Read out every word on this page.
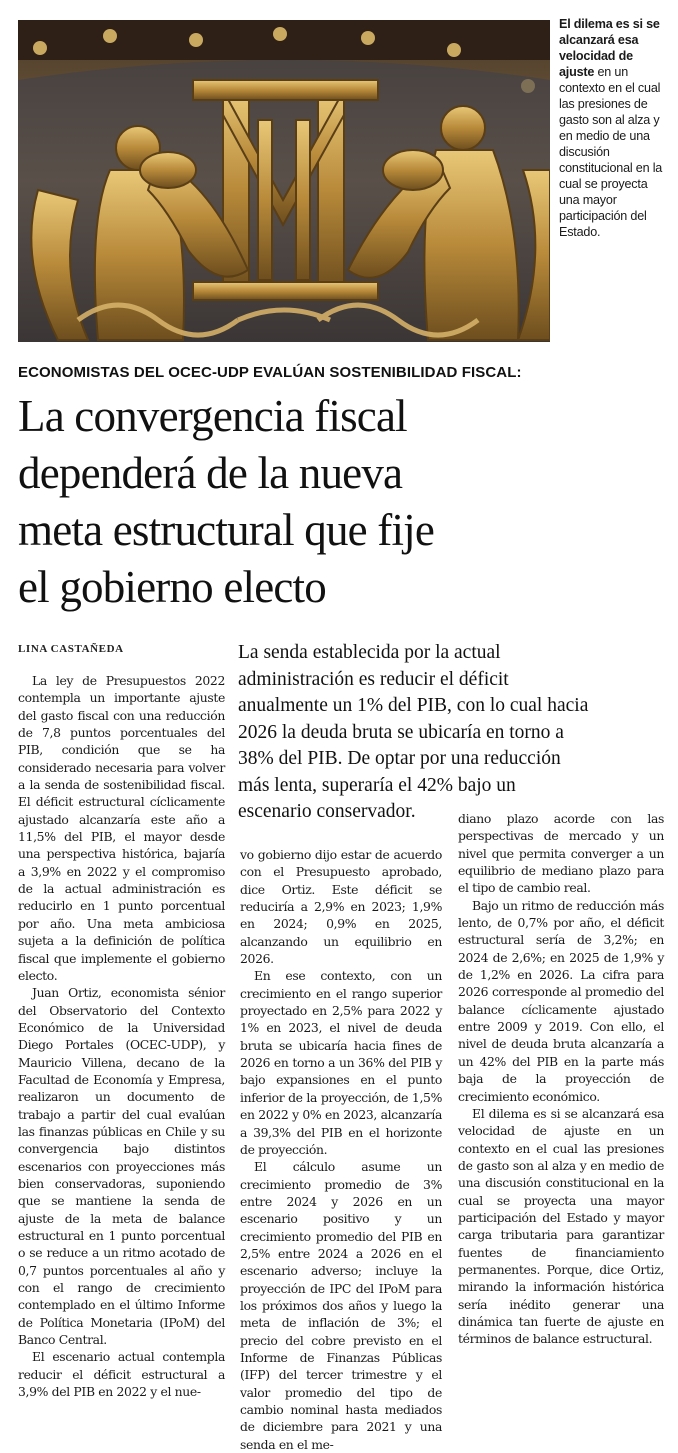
El dilema es si se alcanzará esa velocidad de ajuste en un contexto en el cual las presiones de gasto son al alza y en medio de una discusión constitucional en la cual se proyecta una mayor participación del Estado.
ECONOMISTAS DEL OCEC-UDP EVALÚAN SOSTENIBILIDAD FISCAL:
La convergencia fiscal
dependerá de la nueva
meta estructural que fije
el gobierno electo
LINA CASTAÑEDA	La senda establecida por la actual
administración es reducir el déficit
anualmente un 1% del PIB, con lo cual hacia
2026 la deuda bruta se ubicaría en torno a
38% del PIB. De optar por una reducción
más lenta, superaría el 42% bajo un
escenario conservador.

La ley de Presupuestos 2022 contempla un importante ajuste del gasto fiscal con una reducción de 7,8 puntos porcentuales del PIB, condición que se ha considerado necesaria para volver a la senda de sostenibilidad fiscal. El déficit estructural cíclicamente ajustado alcanzaría este año a 11,5% del PIB, el mayor desde una perspectiva histórica, bajaría a 3,9% en 2022 y el compromiso de la actual administración es reducirlo en 1 punto porcentual por año. Una meta ambiciosa sujeta a la definición de política fiscal que implemente el gobierno electo.

Juan Ortiz, economista sénior del Observatorio del Contexto Económico de la Universidad Diego Portales (OCEC-UDP), y Mauricio Villena, decano de la Facultad de Economía y Empresa, realizaron un documento de trabajo a partir del cual evalúan las finanzas públicas en Chile y su convergencia bajo distintos escenarios con proyecciones más bien conservadoras, suponiendo que se mantiene la senda de ajuste de la meta de balance estructural en 1 punto porcentual o se reduce a un ritmo acotado de 0,7 puntos porcentuales al año y con el rango de crecimiento contemplado en el último Informe de Política Monetaria (IPoM) del Banco Central.

El escenario actual contempla reducir el déficit estructural a 3,9% del PIB en 2022 y el nue-

vo gobierno dijo estar de acuerdo con el Presupuesto aprobado, dice Ortiz. Este déficit se reduciría a 2,9% en 2023; 1,9% en 2024; 0,9% en 2025, alcanzando un equilibrio en 2026.

En ese contexto, con un crecimiento en el rango superior proyectado en 2,5% para 2022 y 1% en 2023, el nivel de deuda bruta se ubicaría hacia fines de 2026 en torno a un 36% del PIB y bajo expansiones en el punto inferior de la proyección, de 1,5% en 2022 y 0% en 2023, alcanzaría a 39,3% del PIB en el horizonte de proyección.

El cálculo asume un crecimiento promedio de 3% entre 2024 y 2026 en un escenario positivo y un crecimiento promedio del PIB en 2,5% entre 2024 a 2026 en el escenario adverso; incluye la proyección de IPC del IPoM para los próximos dos años y luego la meta de inflación de 3%; el precio del cobre previsto en el Informe de Finanzas Públicas (IFP) del tercer trimestre y el valor promedio del tipo de cambio nominal hasta mediados de diciembre para 2021 y una senda en el me-

diano plazo acorde con las perspectivas de mercado y un nivel que permita converger a un equilibrio de mediano plazo para el tipo de cambio real.

Bajo un ritmo de reducción más lento, de 0,7% por año, el déficit estructural sería de 3,2%; en 2024 de 2,6%; en 2025 de 1,9% y de 1,2% en 2026. La cifra para 2026 corresponde al promedio del balance cíclicamente ajustado entre 2009 y 2019. Con ello, el nivel de deuda bruta alcanzaría a un 42% del PIB en la parte más baja de la proyección de crecimiento económico.

El dilema es si se alcanzará esa velocidad de ajuste en un contexto en el cual las presiones de gasto son al alza y en medio de una discusión constitucional en la cual se proyecta una mayor participación del Estado y mayor carga tributaria para garantizar fuentes de financiamiento permanentes. Porque, dice Ortiz, mirando la información histórica sería inédito generar una dinámica tan fuerte de ajuste en términos de balance estructural.
